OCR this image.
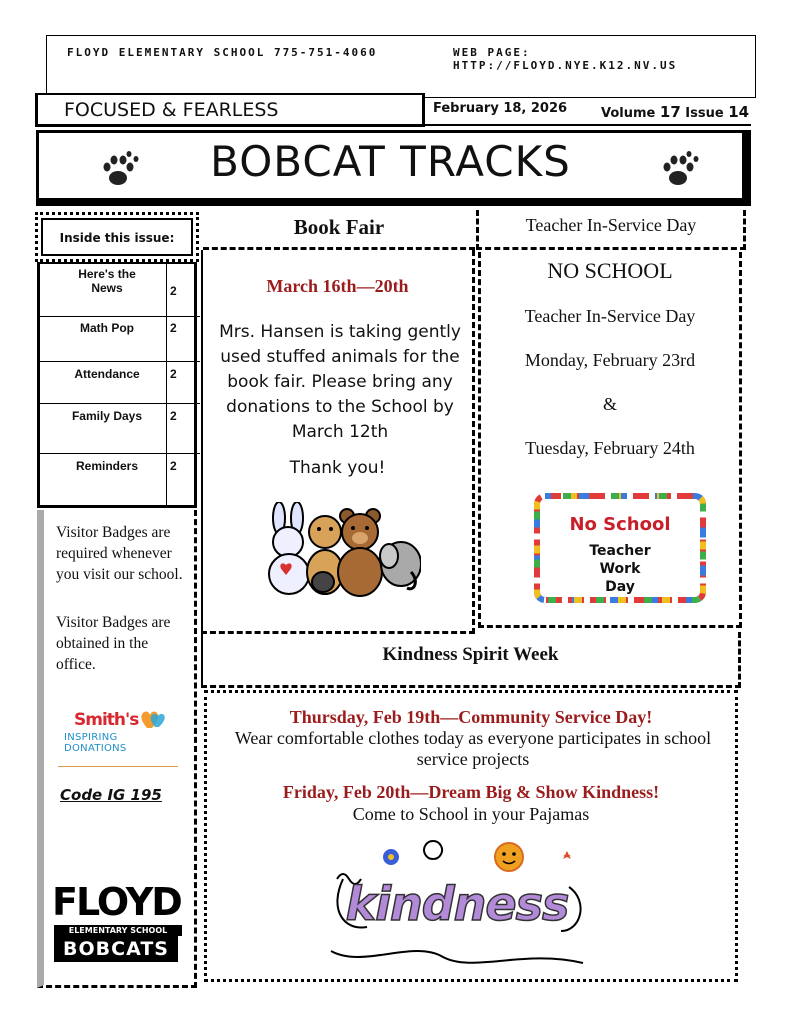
FLOYD ELEMENTARY SCHOOL 775-751-4060	WEB PAGE: HTTP://FLOYD.NYE.K12.NV.US
FOCUSED & FEARLESS	February 18, 2026	Volume 17 Issue 14
BOBCAT TRACKS
Inside this issue:
Here's the News	2
Math Pop	2
Attendance	2
Family Days	2
Reminders	2
Visitor Badges are required whenever you visit our school.
Visitor Badges are obtained in the office.
Smith's
INSPIRING DONATIONS
Code IG 195
FLOYD
ELEMENTARY SCHOOL
BOBCATS
Book Fair
March 16th—20th
Mrs. Hansen is taking gently used stuffed animals for the book fair. Please bring any donations to the School by March 12th
Thank you!
Teacher In-Service Day
NO SCHOOL
Teacher In-Service Day
Monday, February 23rd
&
Tuesday, February 24th
No School
Teacher Work Day
Kindness Spirit Week
Thursday, Feb 19th—Community Service Day!
Wear comfortable clothes today as everyone participates in school service projects
Friday, Feb 20th—Dream Big & Show Kindness!
Come to School in your Pajamas
kindness
